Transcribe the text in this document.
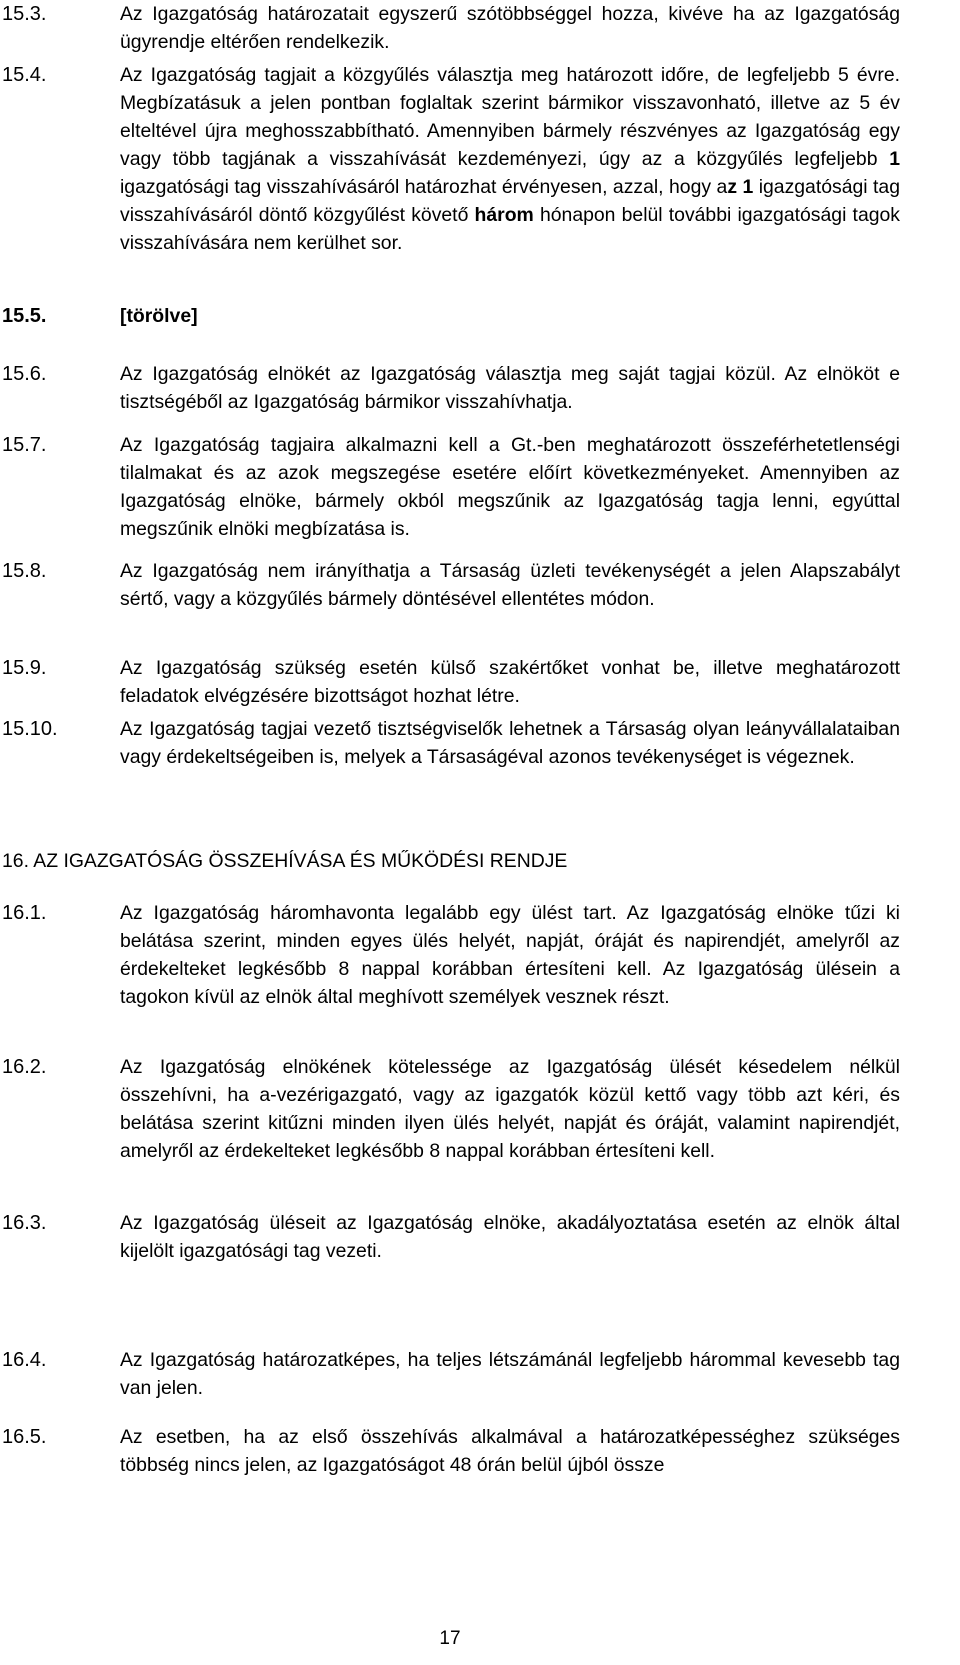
15.3.	Az Igazgatóság határozatait egyszerű szótöbbséggel hozza, kivéve ha az Igazgatóság ügyrendje eltérően rendelkezik.

15.4.	Az Igazgatóság tagjait a közgyűlés választja meg határozott időre, de legfeljebb 5 évre. Megbízatásuk a jelen pontban foglaltak szerint bármikor visszavonható, illetve az 5 év elteltével újra meghosszabbítható. Amennyiben bármely részvényes az Igazgatóság egy vagy több tagjának a visszahívását kezdeményezi, úgy az a közgyűlés legfeljebb 1 igazgatósági tag visszahívásáról határozhat érvényesen, azzal, hogy az 1 igazgatósági tag visszahívásáról döntő közgyűlést követő három hónapon belül további igazgatósági tagok visszahívására nem kerülhet sor.

15.5.	[törölve]

15.6.	Az Igazgatóság elnökét az Igazgatóság választja meg saját tagjai közül. Az elnököt e tisztségéből az Igazgatóság bármikor visszahívhatja.

15.7.	Az Igazgatóság tagjaira alkalmazni kell a Gt.-ben meghatározott összeférhetetlenségi tilalmakat és az azok megszegése esetére előírt következményeket. Amennyiben az Igazgatóság elnöke, bármely okból megszűnik az Igazgatóság tagja lenni, egyúttal megszűnik elnöki megbízatása is.

15.8.	Az Igazgatóság nem irányíthatja a Társaság üzleti tevékenységét a jelen Alapszabályt sértő, vagy a közgyűlés bármely döntésével ellentétes módon.

15.9.	Az Igazgatóság szükség esetén külső szakértőket vonhat be, illetve meghatározott feladatok elvégzésére bizottságot hozhat létre.

15.10.	Az Igazgatóság tagjai vezető tisztségviselők lehetnek a Társaság olyan leányvállalataiban vagy érdekeltségeiben is, melyek a Társaságéval azonos tevékenységet is végeznek.

16. AZ IGAZGATÓSÁG ÖSSZEHÍVÁSA ÉS MŰKÖDÉSI RENDJE
16.1.	Az Igazgatóság háromhavonta legalább egy ülést tart. Az Igazgatóság elnöke tűzi ki belátása szerint, minden egyes ülés helyét, napját, óráját és napirendjét, amelyről az érdekelteket legkésőbb 8 nappal korábban értesíteni kell. Az Igazgatóság ülésein a tagokon kívül az elnök által meghívott személyek vesznek részt.

16.2.	Az Igazgatóság elnökének kötelessége az Igazgatóság ülését késedelem nélkül összehívni, ha a‑vezérigazgató, vagy az igazgatók közül kettő vagy több azt kéri, és belátása szerint kitűzni minden ilyen ülés helyét, napját és óráját, valamint napirendjét, amelyről az érdekelteket legkésőbb 8 nappal korábban értesíteni kell.

16.3.	Az Igazgatóság üléseit az Igazgatóság elnöke, akadályoztatása esetén az elnök által kijelölt igazgatósági tag vezeti.

16.4.	Az Igazgatóság határozatképes, ha teljes létszámánál legfeljebb hárommal kevesebb tag van jelen.

16.5.	Az esetben, ha az első összehívás alkalmával a határozatképességhez szükséges többség nincs jelen, az Igazgatóságot 48 órán belül újból össze

17
